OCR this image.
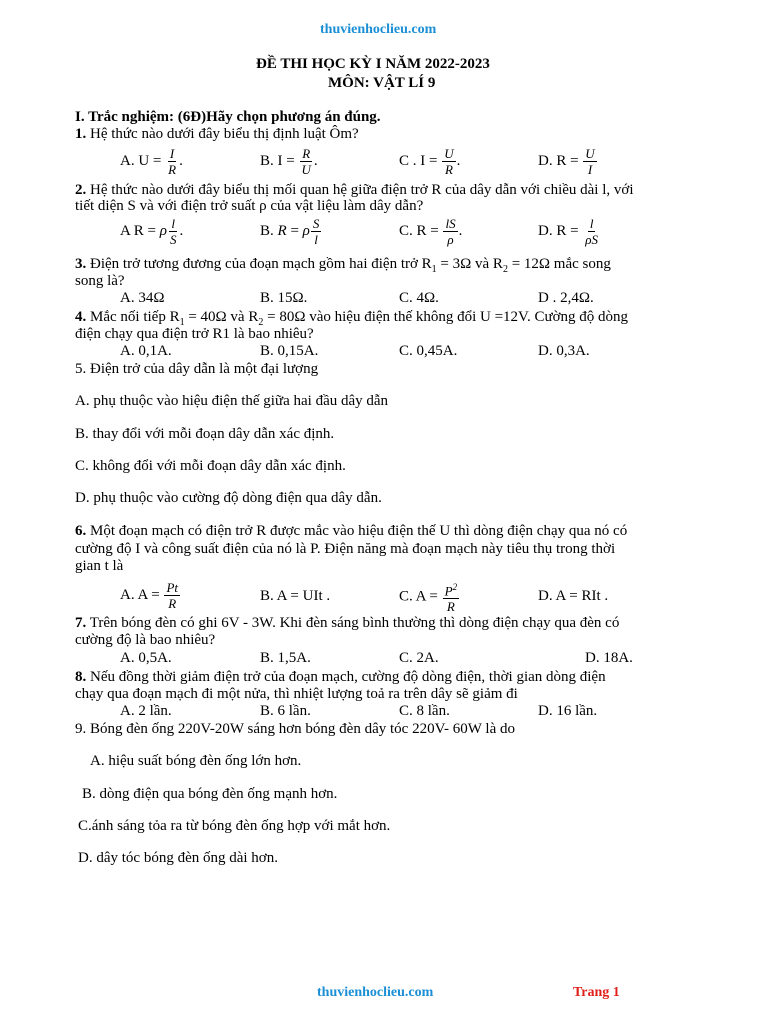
thuvienhoclieu.com
ĐỀ THI HỌC KỲ I NĂM 2022-2023
MÔN: VẬT LÍ 9
I. Trắc nghiệm: (6Đ)Hãy chọn phương án đúng.
1. Hệ thức nào dưới đây biểu thị định luật Ôm?
A. $U = \frac{I}{R}$ .	B. $I = \frac{R}{U}$ .	C . $I = \frac{U}{R}$ .	D. $R = \frac{U}{I}$
2. Hệ thức nào dưới đây biểu thị mối quan hệ giữa điện trở R của dây dẫn với chiều dài l, với
tiết diện S và với điện trở suất ρ của vật liệu làm dây dẫn?
A R = ρ $\frac{l}{S}$ .	B. R = ρ $\frac{S}{l}$	C. $R = \frac{lS}{\rho}$ .	D. $R = \frac{l}{\rho S}$
3. Điện trở tương đương của đoạn mạch gồm hai điện trở $R_1 = 3\Omega$ và $R_2 = 12\Omega$ mắc song
song là?
A. 34Ω	B. 15Ω.	C. 4Ω.	D . 2,4Ω.
4. Mắc nối tiếp $R_1 = 40\Omega$ và $R_2 = 80\Omega$ vào hiệu điện thế không đổi U =12V. Cường độ dòng
điện chạy qua điện trở R1 là bao nhiêu?
A. 0,1A.	B. 0,15A.	C. 0,45A.	D. 0,3A.
5. Điện trở của dây dẫn là một đại lượng
A. phụ thuộc vào hiệu điện thế giữa hai đầu dây dẫn
B. thay đổi với mỗi đoạn dây dẫn xác định.
C. không đổi với mỗi đoạn dây dẫn xác định.
D. phụ thuộc vào cường độ dòng điện qua dây dẫn.
6. Một đoạn mạch có điện trở R được mắc vào hiệu điện thế U thì dòng điện chạy qua nó có
cường độ I và công suất điện của nó là P. Điện năng mà đoạn mạch này tiêu thụ trong thời
gian t là
A. $A = \frac{Pt}{R}$	B. A = UIt .	C. $A = \frac{P^2}{R}$	D. A = RIt .
7. Trên bóng đèn có ghi 6V - 3W. Khi đèn sáng bình thường thì dòng điện chạy qua đèn có
cường độ là bao nhiêu?
A. 0,5A.	B. 1,5A.	C. 2A.	D. 18A.
8. Nếu đồng thời giảm điện trở của đoạn mạch, cường độ dòng điện, thời gian dòng điện
chạy qua đoạn mạch đi một nửa, thì nhiệt lượng toả ra trên dây sẽ giảm đi
A. 2 lần.	B. 6 lần.	C. 8 lần.	D. 16 lần.
9. Bóng đèn ống 220V-20W sáng hơn bóng đèn dây tóc 220V- 60W là do
A. hiệu suất bóng đèn ống lớn hơn.
B. dòng điện qua bóng đèn ống mạnh hơn.
C.ánh sáng tỏa ra từ bóng đèn ống hợp với mắt hơn.
D. dây tóc bóng đèn ống dài hơn.
thuvienhoclieu.com	Trang 1
